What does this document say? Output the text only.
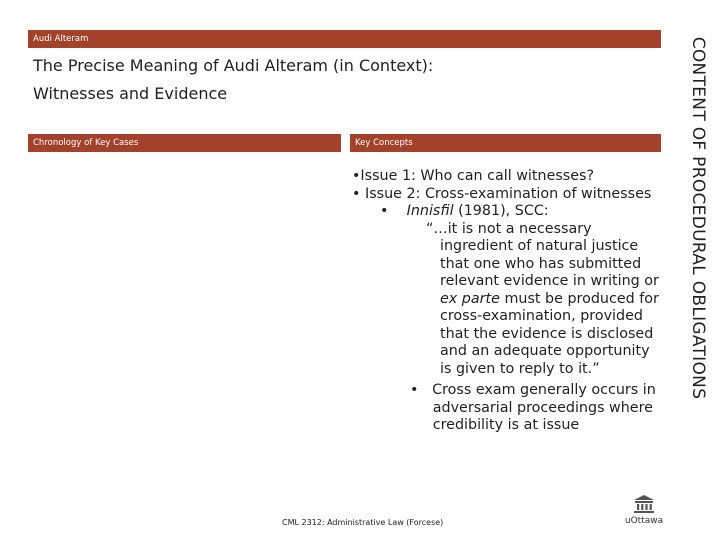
Audi Alteram
The Precise Meaning of Audi Alteram (in Context):
Witnesses and Evidence
Chronology of Key Cases	Key Concepts
•Issue 1: Who can call witnesses?
• Issue 2: Cross-examination of witnesses
• Innisfil (1981), SCC:
“…it is not a necessary
ingredient of natural justice
that one who has submitted
relevant evidence in writing or
ex parte must be produced for
cross-examination, provided
that the evidence is disclosed
and an adequate opportunity
is given to reply to it.”
• Cross exam generally occurs in
adversarial proceedings where
credibility is at issue
CONTENT OF PROCEDURAL OBLIGATIONS
CML 2312: Administrative Law (Forcese)	uOttawa
